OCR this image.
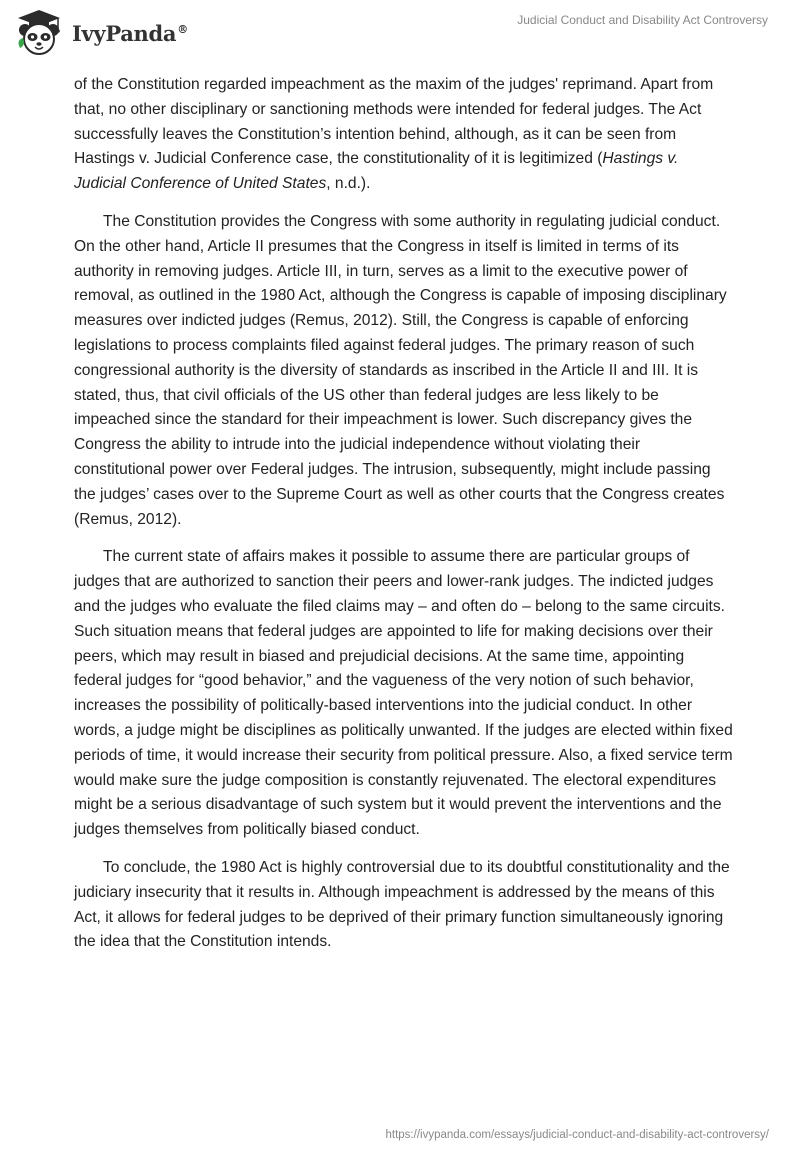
IvyPanda®
Judicial Conduct and Disability Act Controversy

of the Constitution regarded impeachment as the maxim of the judges' reprimand. Apart from that, no other disciplinary or sanctioning methods were intended for federal judges. The Act successfully leaves the Constitution’s intention behind, although, as it can be seen from Hastings v. Judicial Conference case, the constitutionality of it is legitimized (Hastings v. Judicial Conference of United States, n.d.).

The Constitution provides the Congress with some authority in regulating judicial conduct. On the other hand, Article II presumes that the Congress in itself is limited in terms of its authority in removing judges. Article III, in turn, serves as a limit to the executive power of removal, as outlined in the 1980 Act, although the Congress is capable of imposing disciplinary measures over indicted judges (Remus, 2012). Still, the Congress is capable of enforcing legislations to process complaints filed against federal judges. The primary reason of such congressional authority is the diversity of standards as inscribed in the Article II and III. It is stated, thus, that civil officials of the US other than federal judges are less likely to be impeached since the standard for their impeachment is lower. Such discrepancy gives the Congress the ability to intrude into the judicial independence without violating their constitutional power over Federal judges. The intrusion, subsequently, might include passing the judges’ cases over to the Supreme Court as well as other courts that the Congress creates (Remus, 2012).

The current state of affairs makes it possible to assume there are particular groups of judges that are authorized to sanction their peers and lower-rank judges. The indicted judges and the judges who evaluate the filed claims may – and often do – belong to the same circuits. Such situation means that federal judges are appointed to life for making decisions over their peers, which may result in biased and prejudicial decisions. At the same time, appointing federal judges for “good behavior,” and the vagueness of the very notion of such behavior, increases the possibility of politically-based interventions into the judicial conduct. In other words, a judge might be disciplines as politically unwanted. If the judges are elected within fixed periods of time, it would increase their security from political pressure. Also, a fixed service term would make sure the judge composition is constantly rejuvenated. The electoral expenditures might be a serious disadvantage of such system but it would prevent the interventions and the judges themselves from politically biased conduct.

To conclude, the 1980 Act is highly controversial due to its doubtful constitutionality and the judiciary insecurity that it results in. Although impeachment is addressed by the means of this Act, it allows for federal judges to be deprived of their primary function simultaneously ignoring the idea that the Constitution intends.

https://ivypanda.com/essays/judicial-conduct-and-disability-act-controversy/
